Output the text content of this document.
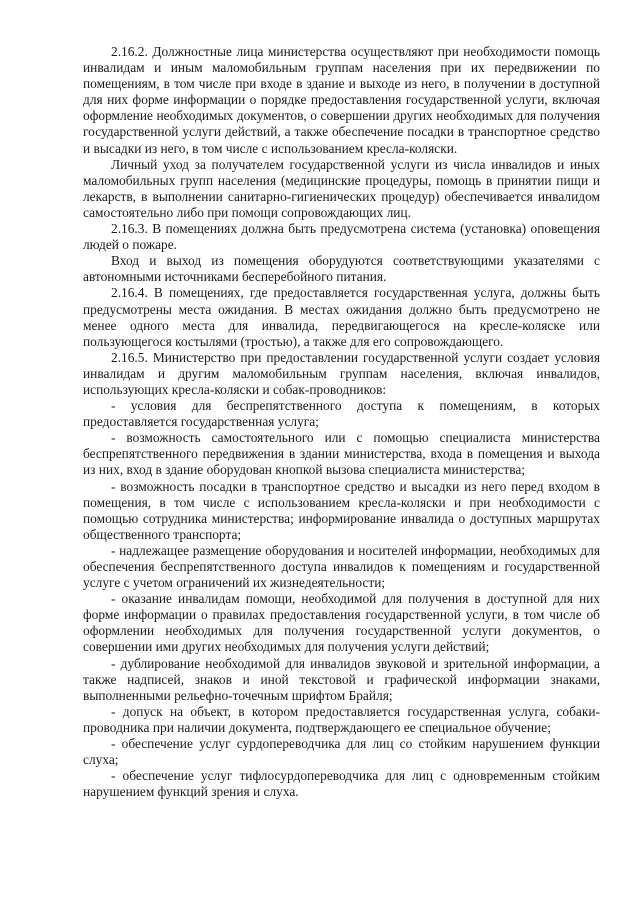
2.16.2. Должностные лица министерства осуществляют при необходимости помощь инвалидам и иным маломобильным группам населения при их передвижении по помещениям, в том числе при входе в здание и выходе из него, в получении в доступной для них форме информации о порядке предоставления государственной услуги, включая оформление необходимых документов, о совершении других необходимых для получения государственной услуги действий, а также обеспечение посадки в транспортное средство и высадки из него, в том числе с использованием кресла-коляски.

Личный уход за получателем государственной услуги из числа инвалидов и иных маломобильных групп населения (медицинские процедуры, помощь в принятии пищи и лекарств, в выполнении санитарно-гигиенических процедур) обеспечивается инвалидом самостоятельно либо при помощи сопровождающих лиц.

2.16.3. В помещениях должна быть предусмотрена система (установка) оповещения людей о пожаре.

Вход и выход из помещения оборудуются соответствующими указателями с автономными источниками бесперебойного питания.

2.16.4. В помещениях, где предоставляется государственная услуга, должны быть предусмотрены места ожидания. В местах ожидания должно быть предусмотрено не менее одного места для инвалида, передвигающегося на кресле-коляске или пользующегося костылями (тростью), а также для его сопровождающего.

2.16.5. Министерство при предоставлении государственной услуги создает условия инвалидам и другим маломобильным группам населения, включая инвалидов, использующих кресла-коляски и собак-проводников:

- условия для беспрепятственного доступа к помещениям, в которых предоставляется государственная услуга;

- возможность самостоятельного или с помощью специалиста министерства беспрепятственного передвижения в здании министерства, входа в помещения и выхода из них, вход в здание оборудован кнопкой вызова специалиста министерства;

- возможность посадки в транспортное средство и высадки из него перед входом в помещения, в том числе с использованием кресла-коляски и при необходимости с помощью сотрудника министерства; информирование инвалида о доступных маршрутах общественного транспорта;

- надлежащее размещение оборудования и носителей информации, необходимых для обеспечения беспрепятственного доступа инвалидов к помещениям и государственной услуге с учетом ограничений их жизнедеятельности;

- оказание инвалидам помощи, необходимой для получения в доступной для них форме информации о правилах предоставления государственной услуги, в том числе об оформлении необходимых для получения государственной услуги документов, о совершении ими других необходимых для получения услуги действий;

- дублирование необходимой для инвалидов звуковой и зрительной информации, а также надписей, знаков и иной текстовой и графической информации знаками, выполненными рельефно-точечным шрифтом Брайля;

- допуск на объект, в котором предоставляется государственная услуга, собаки-проводника при наличии документа, подтверждающего ее специальное обучение;

- обеспечение услуг сурдопереводчика для лиц со стойким нарушением функции слуха;

- обеспечение услуг тифлосурдопереводчика для лиц с одновременным стойким нарушением функций зрения и слуха.
